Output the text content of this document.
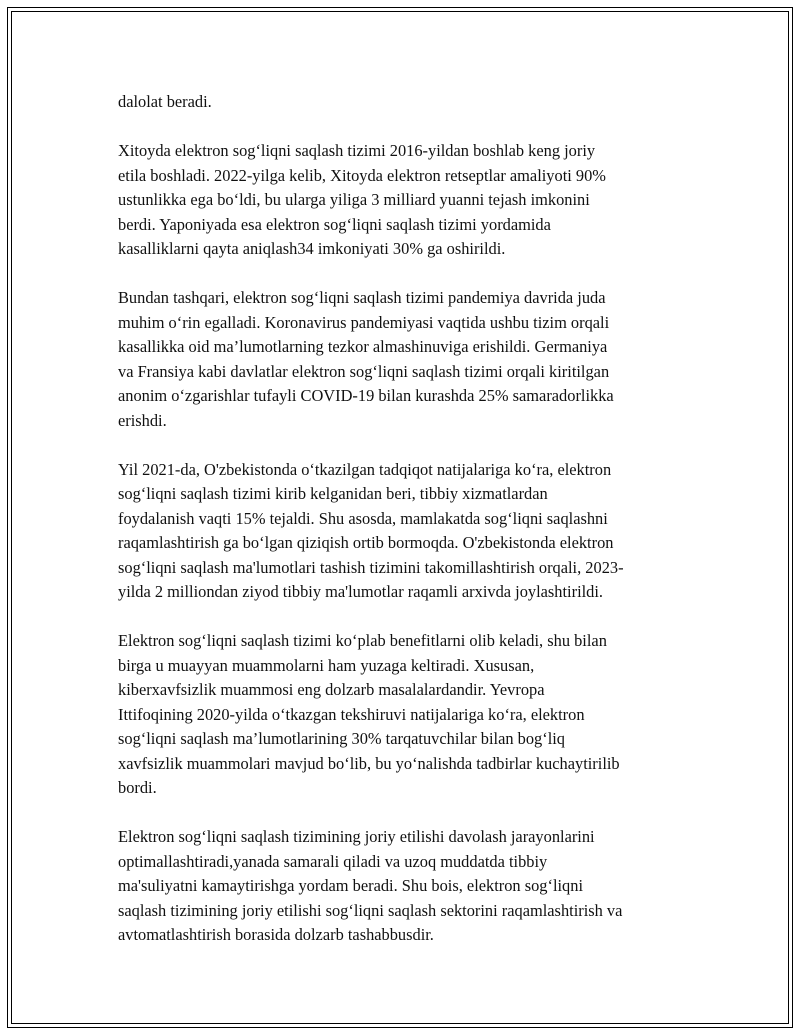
dalolat beradi.

Xitoyda elektron sog‘liqni saqlash tizimi 2016-yildan boshlab keng joriy
etila boshladi. 2022-yilga kelib, Xitoyda elektron retseptlar amaliyoti 90%
ustunlikka ega bo‘ldi, bu ularga yiliga 3 milliard yuanni tejash imkonini
berdi. Yaponiyada esa elektron sog‘liqni saqlash tizimi yordamida
kasalliklarni qayta aniqlash34 imkoniyati 30% ga oshirildi.

Bundan tashqari, elektron sog‘liqni saqlash tizimi pandemiya davrida juda
muhim o‘rin egalladi. Koronavirus pandemiyasi vaqtida ushbu tizim orqali
kasallikka oid ma’lumotlarning tezkor almashinuviga erishildi. Germaniya
va Fransiya kabi davlatlar elektron sog‘liqni saqlash tizimi orqali kiritilgan
anonim o‘zgarishlar tufayli COVID-19 bilan kurashda 25% samaradorlikka
erishdi.

Yil 2021-da, O'zbekistonda o‘tkazilgan tadqiqot natijalariga ko‘ra, elektron
sog‘liqni saqlash tizimi kirib kelganidan beri, tibbiy xizmatlardan
foydalanish vaqti 15% tejaldi. Shu asosda, mamlakatda sog‘liqni saqlashni
raqamlashtirish ga bo‘lgan qiziqish ortib bormoqda. O'zbekistonda elektron
sog‘liqni saqlash ma'lumotlari tashish tizimini takomillashtirish orqali, 2023-
yilda 2 milliondan ziyod tibbiy ma'lumotlar raqamli arxivda joylashtirildi.

Elektron sog‘liqni saqlash tizimi ko‘plab benefitlarni olib keladi, shu bilan
birga u muayyan muammolarni ham yuzaga keltiradi. Xususan,
kiberxavfsizlik muammosi eng dolzarb masalalardandir. Yevropa
Ittifoqining 2020-yilda o‘tkazgan tekshiruvi natijalariga ko‘ra, elektron
sog‘liqni saqlash ma’lumotlarining 30% tarqatuvchilar bilan bog‘liq
xavfsizlik muammolari mavjud bo‘lib, bu yo‘nalishda tadbirlar kuchaytirilib
bordi.

Elektron sog‘liqni saqlash tizimining joriy etilishi davolash jarayonlarini
optimallashtiradi,yanada samarali qiladi va uzoq muddatda tibbiy
ma'suliyatni kamaytirishga yordam beradi. Shu bois, elektron sog‘liqni
saqlash tizimining joriy etilishi sog‘liqni saqlash sektorini raqamlashtirish va
avtomatlashtirish borasida dolzarb tashabbusdir.
